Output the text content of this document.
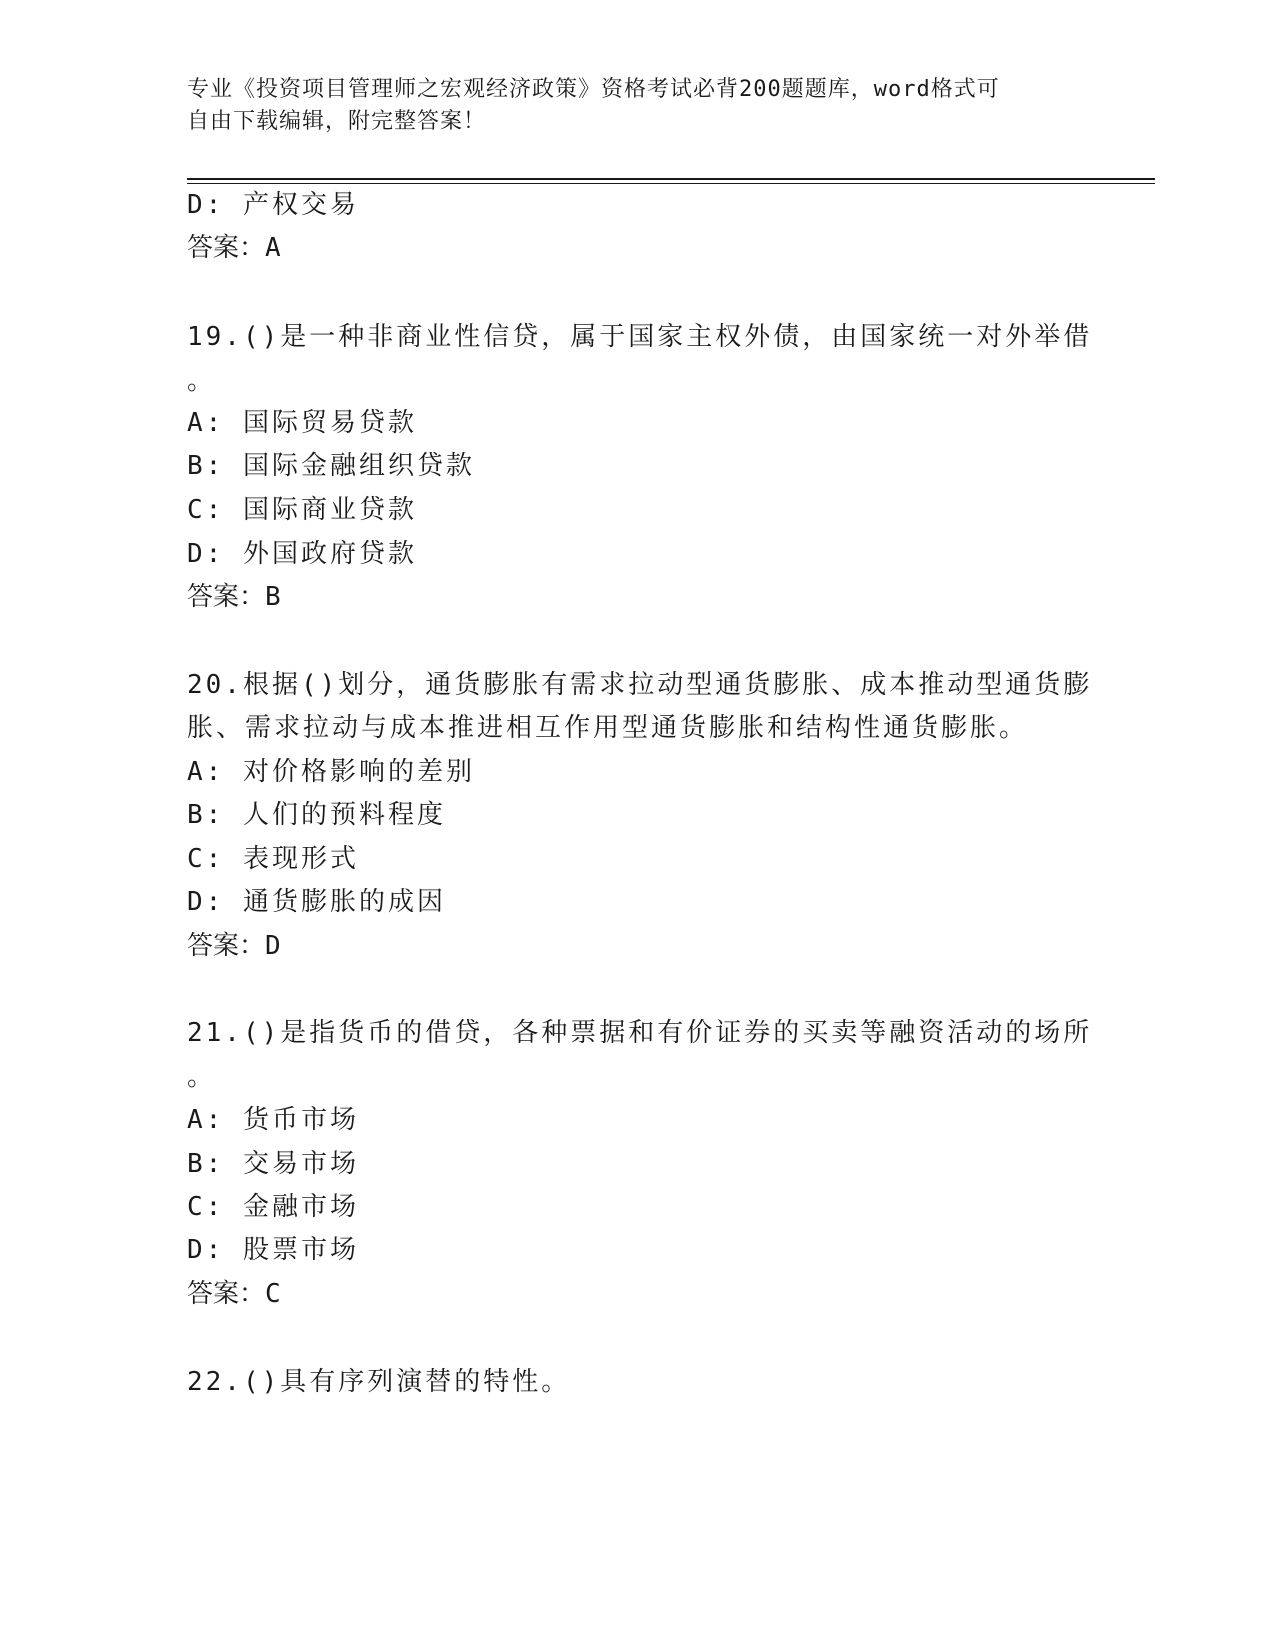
专业《投资项目管理师之宏观经济政策》资格考试必背200题题库，word格式可
自由下载编辑，附完整答案！
D: 产权交易
答案：A
19.()是一种非商业性信贷，属于国家主权外债，由国家统一对外举借
。
A: 国际贸易贷款
B: 国际金融组织贷款
C: 国际商业贷款
D: 外国政府贷款
答案：B
20.根据()划分，通货膨胀有需求拉动型通货膨胀、成本推动型通货膨
胀、需求拉动与成本推进相互作用型通货膨胀和结构性通货膨胀。
A: 对价格影响的差别
B: 人们的预料程度
C: 表现形式
D: 通货膨胀的成因
答案：D
21.()是指货币的借贷，各种票据和有价证券的买卖等融资活动的场所
。
A: 货币市场
B: 交易市场
C: 金融市场
D: 股票市场
答案：C
22.()具有序列演替的特性。
